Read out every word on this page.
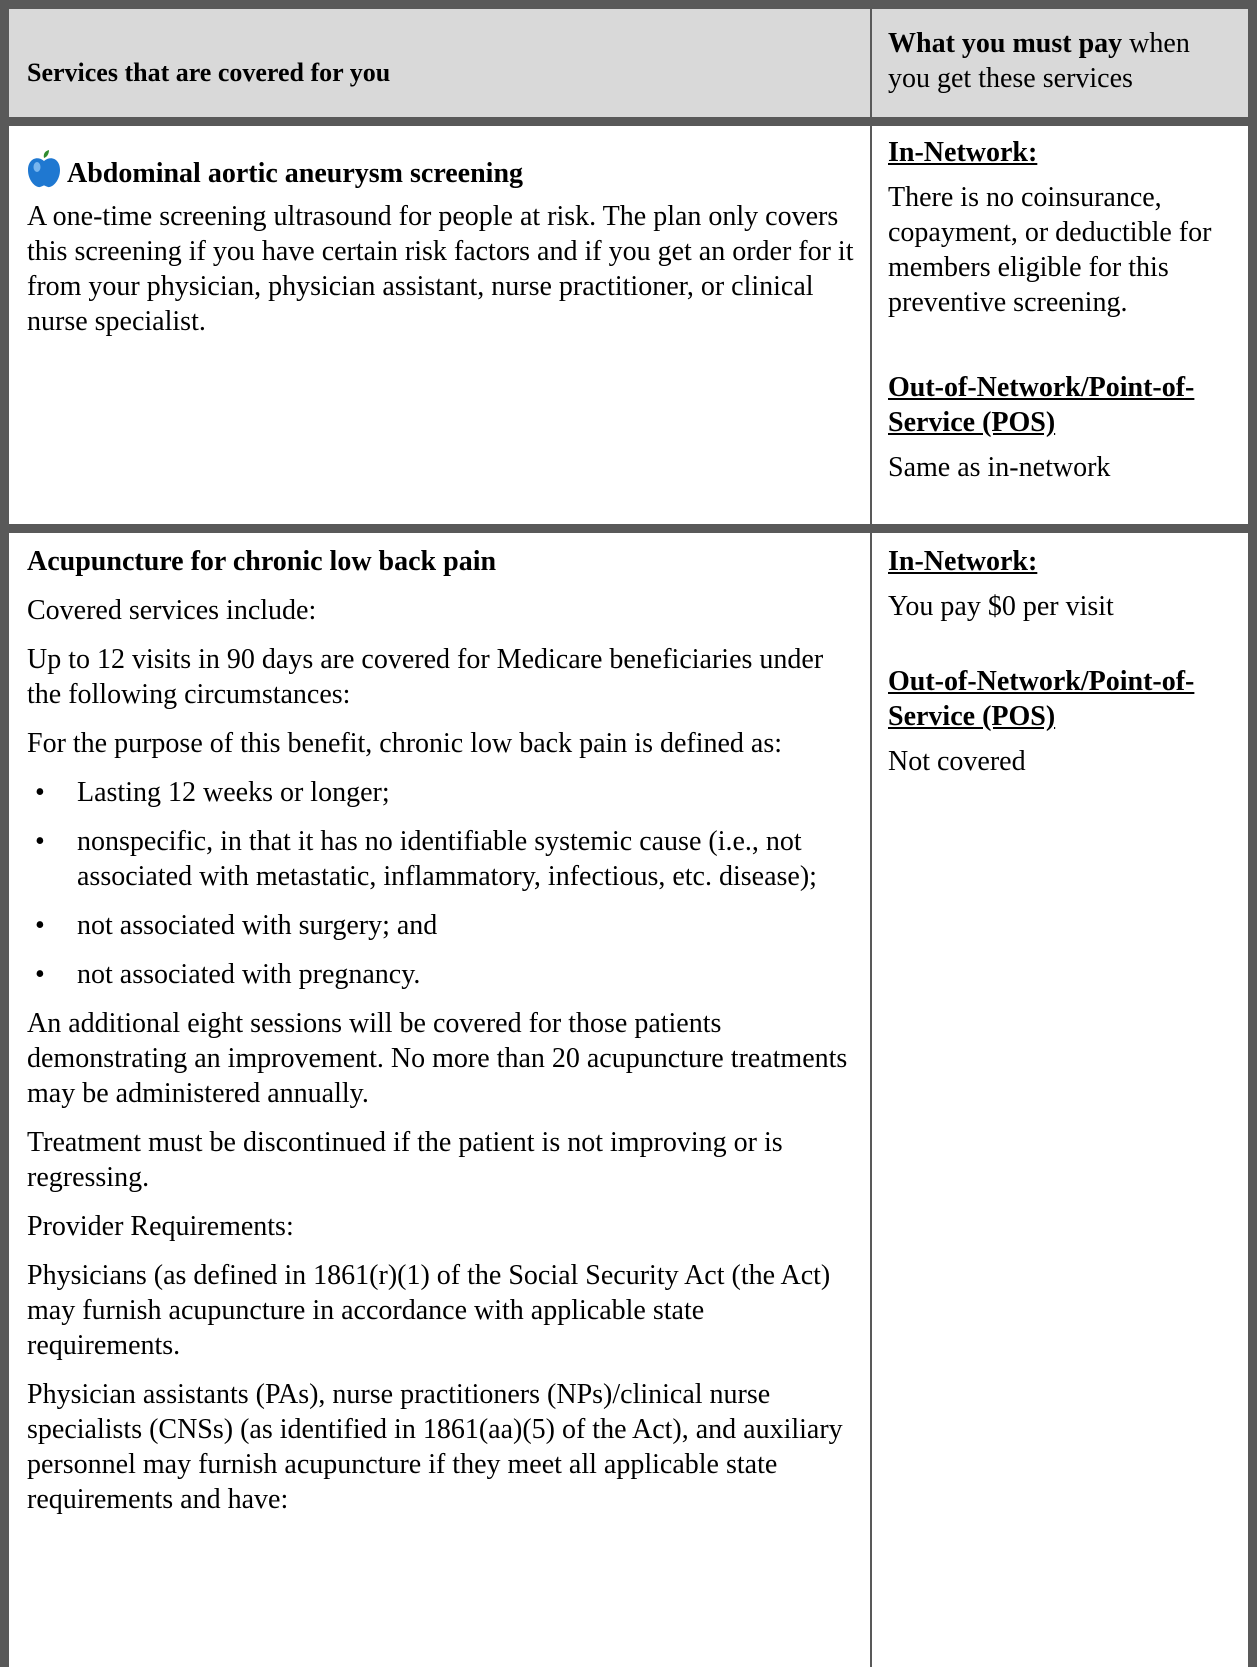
Services that are covered for you
What you must pay when you get these services
Abdominal aortic aneurysm screening
A one-time screening ultrasound for people at risk. The plan only covers this screening if you have certain risk factors and if you get an order for it from your physician, physician assistant, nurse practitioner, or clinical nurse specialist.
In-Network:
There is no coinsurance, copayment, or deductible for members eligible for this preventive screening.
Out-of-Network/Point-of-Service (POS)
Same as in-network
Acupuncture for chronic low back pain
Covered services include:
Up to 12 visits in 90 days are covered for Medicare beneficiaries under the following circumstances:
For the purpose of this benefit, chronic low back pain is defined as:
• Lasting 12 weeks or longer;
• nonspecific, in that it has no identifiable systemic cause (i.e., not associated with metastatic, inflammatory, infectious, etc. disease);
• not associated with surgery; and
• not associated with pregnancy.
An additional eight sessions will be covered for those patients demonstrating an improvement. No more than 20 acupuncture treatments may be administered annually.
Treatment must be discontinued if the patient is not improving or is regressing.
Provider Requirements:
Physicians (as defined in 1861(r)(1) of the Social Security Act (the Act) may furnish acupuncture in accordance with applicable state requirements.
Physician assistants (PAs), nurse practitioners (NPs)/clinical nurse specialists (CNSs) (as identified in 1861(aa)(5) of the Act), and auxiliary personnel may furnish acupuncture if they meet all applicable state requirements and have:
In-Network:
You pay $0 per visit
Out-of-Network/Point-of-Service (POS)
Not covered
